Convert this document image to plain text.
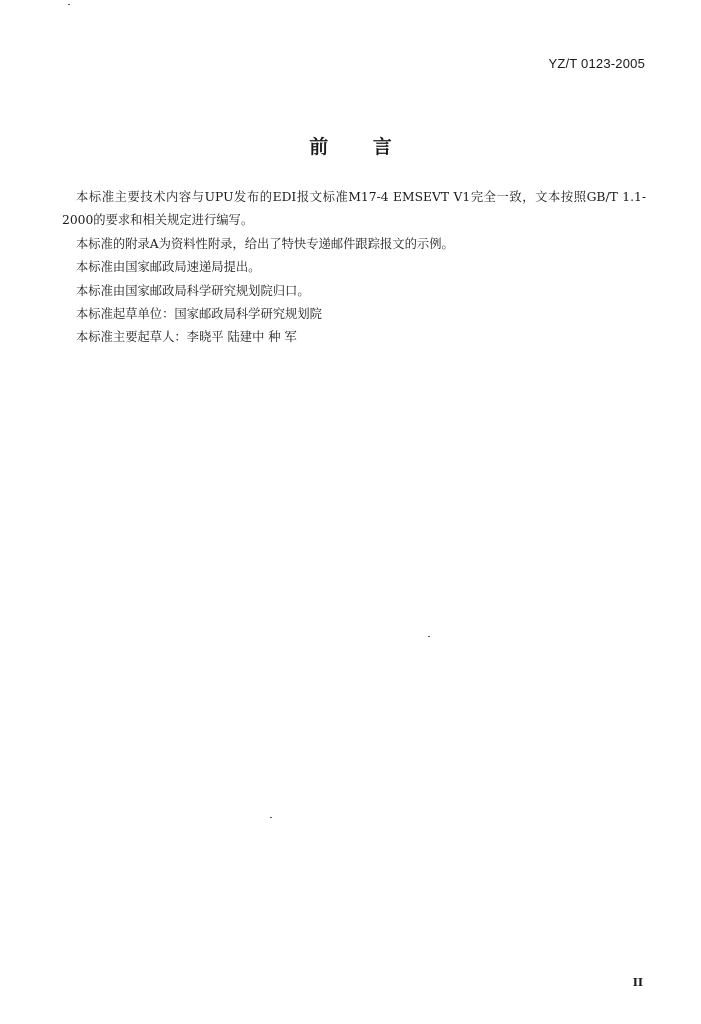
YZ/T 0123-2005
前 言

本标准主要技术内容与UPU发布的EDI报文标准M17-4 EMSEVT V1完全一致，文本按照GB/T 1.1-2000的要求和相关规定进行编写。

本标准的附录A为资料性附录，给出了特快专递邮件跟踪报文的示例。

本标准由国家邮政局速递局提出。

本标准由国家邮政局科学研究规划院归口。

本标准起草单位：国家邮政局科学研究规划院

本标准主要起草人：李晓平 陆建中 种 军

II
